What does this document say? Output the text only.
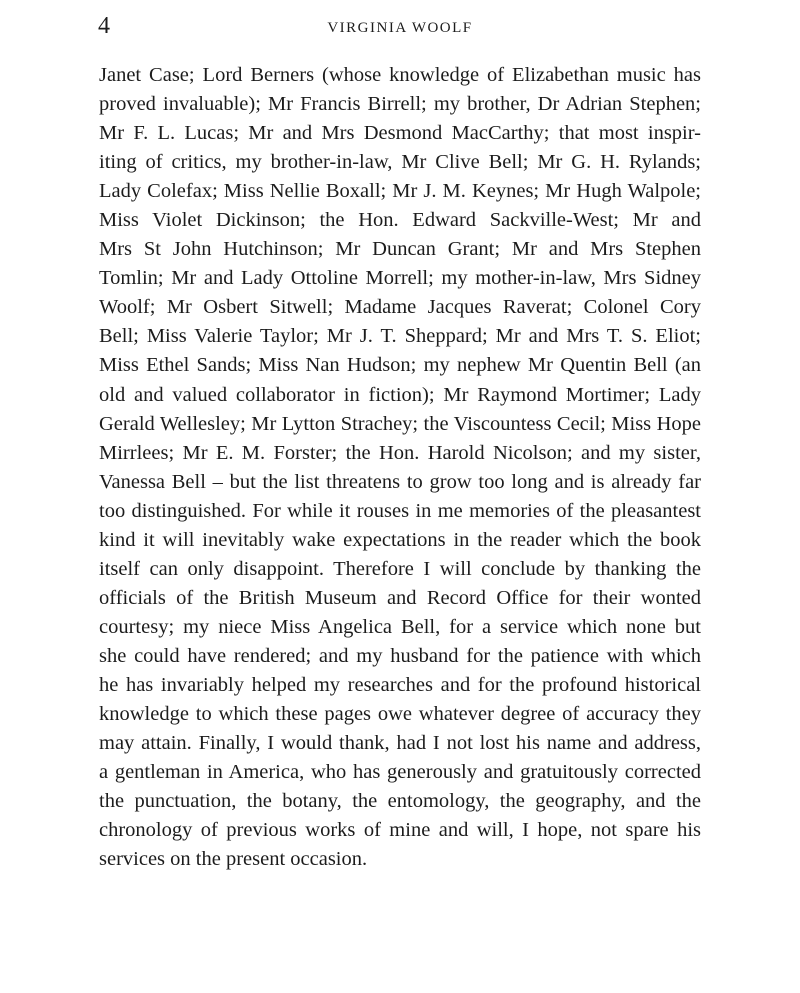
4	VIRGINIA WOOLF
Janet Case; Lord Berners (whose knowledge of Elizabethan music has
proved invaluable); Mr Francis Birrell; my brother, Dr Adrian Stephen;
Mr F. L. Lucas; Mr and Mrs Desmond MacCarthy; that most inspir-
iting of critics, my brother-in-law, Mr Clive Bell; Mr G. H. Rylands;
Lady Colefax; Miss Nellie Boxall; Mr J. M. Keynes; Mr Hugh Walpole;
Miss Violet Dickinson; the Hon. Edward Sackville-West; Mr and
Mrs St John Hutchinson; Mr Duncan Grant; Mr and Mrs Stephen
Tomlin; Mr and Lady Ottoline Morrell; my mother-in-law, Mrs Sidney
Woolf; Mr Osbert Sitwell; Madame Jacques Raverat; Colonel Cory
Bell; Miss Valerie Taylor; Mr J. T. Sheppard; Mr and Mrs T. S. Eliot;
Miss Ethel Sands; Miss Nan Hudson; my nephew Mr Quentin Bell (an
old and valued collaborator in fiction); Mr Raymond Mortimer; Lady
Gerald Wellesley; Mr Lytton Strachey; the Viscountess Cecil; Miss Hope
Mirrlees; Mr E. M. Forster; the Hon. Harold Nicolson; and my sister,
Vanessa Bell – but the list threatens to grow too long and is already far
too distinguished. For while it rouses in me memories of the pleasantest
kind it will inevitably wake expectations in the reader which the book
itself can only disappoint. Therefore I will conclude by thanking the
officials of the British Museum and Record Office for their wonted
courtesy; my niece Miss Angelica Bell, for a service which none but
she could have rendered; and my husband for the patience with which
he has invariably helped my researches and for the profound historical
knowledge to which these pages owe whatever degree of accuracy they
may attain. Finally, I would thank, had I not lost his name and address,
a gentleman in America, who has generously and gratuitously corrected
the punctuation, the botany, the entomology, the geography, and the
chronology of previous works of mine and will, I hope, not spare his
services on the present occasion.
